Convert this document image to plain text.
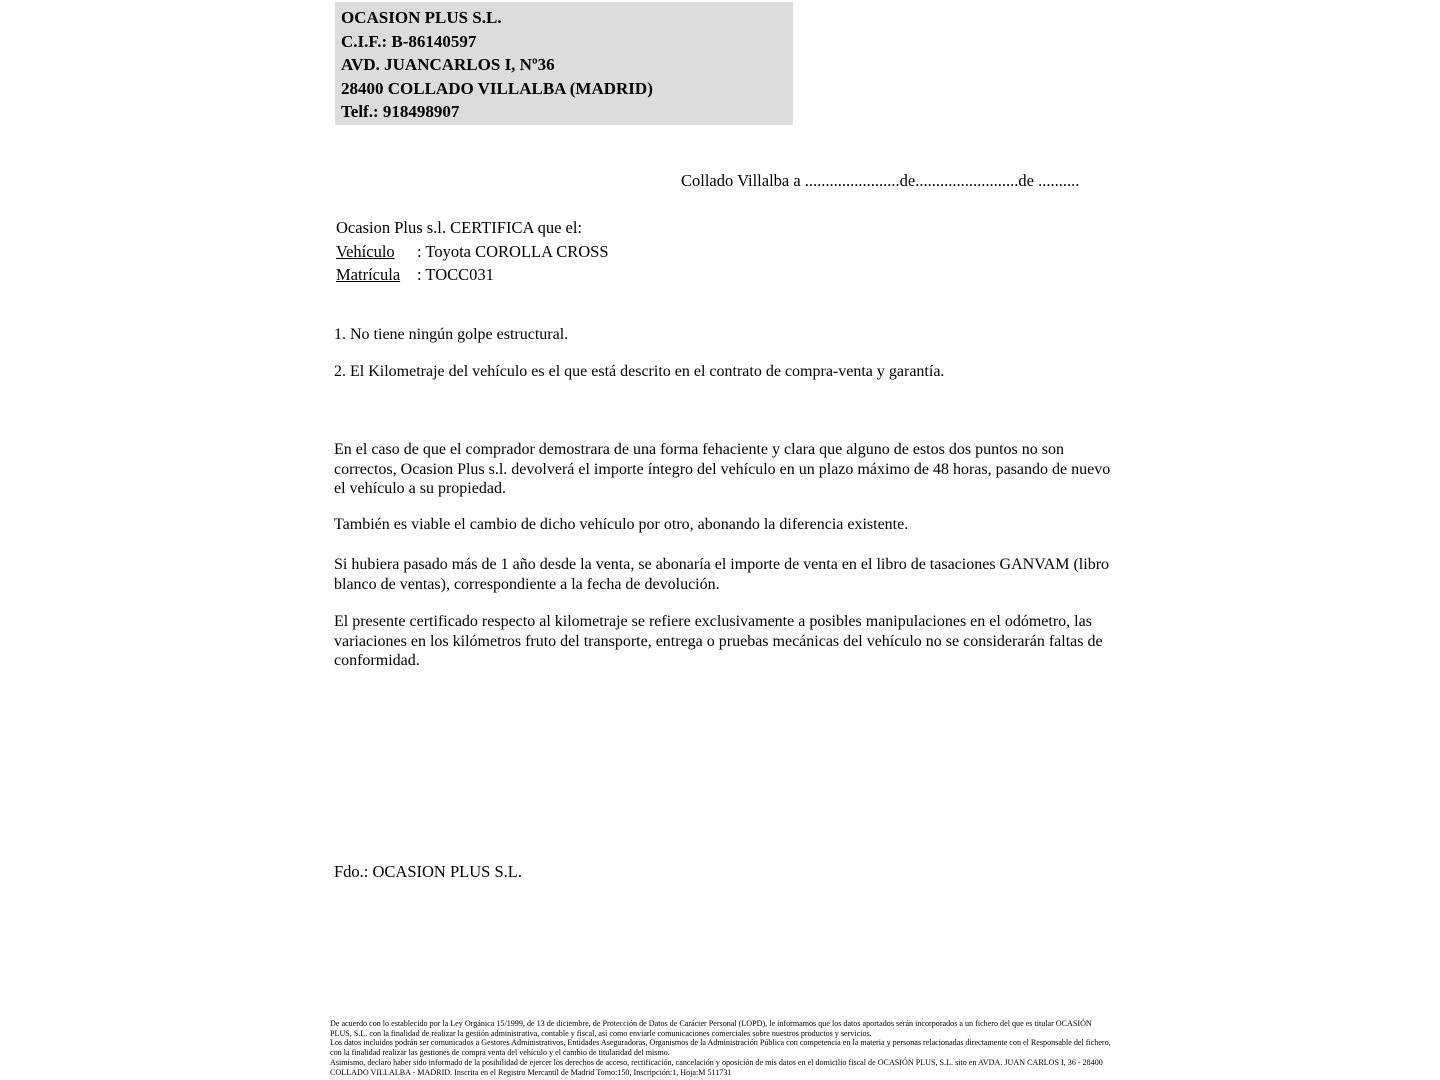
OCASION PLUS S.L.
C.I.F.: B-86140597
AVD. JUANCARLOS I, Nº36
28400 COLLADO VILLALBA (MADRID)
Telf.: 918498907
Collado Villalba a .......................de.........................de ..........
Ocasion Plus s.l. CERTIFICA que el:
Vehículo : Toyota COROLLA CROSS
Matrícula : TOCC031
1. No tiene ningún golpe estructural.
2. El Kilometraje del vehículo es el que está descrito en el contrato de compra-venta y garantía.
En el caso de que el comprador demostrara de una forma fehaciente y clara que alguno de estos dos puntos no son correctos, Ocasion Plus s.l. devolverá el importe íntegro del vehículo en un plazo máximo de 48 horas, pasando de nuevo el vehículo a su propiedad.
También es viable el cambio de dicho vehículo por otro, abonando la diferencia existente.
Si hubiera pasado más de 1 año desde la venta, se abonaría el importe de venta en el libro de tasaciones GANVAM (libro blanco de ventas), correspondiente a la fecha de devolución.
El presente certificado respecto al kilometraje se refiere exclusivamente a posibles manipulaciones en el odómetro, las variaciones en los kilómetros fruto del transporte, entrega o pruebas mecánicas del vehículo no se considerarán faltas de conformidad.
Fdo.: OCASION PLUS S.L.

De acuerdo con lo establecido por la Ley Orgánica 15/1999, de 13 de diciembre, de Protección de Datos de Carácter Personal (LOPD), le informamos que los datos aportados serán incorporados a un fichero del que es titular OCASIÓN PLUS, S.L. con la finalidad de realizar la gestión administrativa, contable y fiscal, así como enviarle comunicaciones comerciales sobre nuestros productos y servicios.

Los datos incluidos podrán ser comunicados a Gestores Administrativos, Entidades Aseguradoras, Organismos de la Administración Pública con competencia en la materia y personas relacionadas directamente con el Responsable del fichero, con la finalidad realizar las gestiones de compra venta del vehículo y el cambio de titularidad del mismo.

Asimismo, declaro haber sido informado de la posibilidad de ejercer los derechos de acceso, rectificación, cancelación y oposición de mis datos en el domicilio fiscal de OCASIÓN PLUS, S.L. sito en AVDA. JUAN CARLOS I, 36 - 28400 COLLADO VILLALBA - MADRID. Inscrita en el Registro Mercantil de Madrid Tomo:150, Inscripción:1, Hoja:M 511731
